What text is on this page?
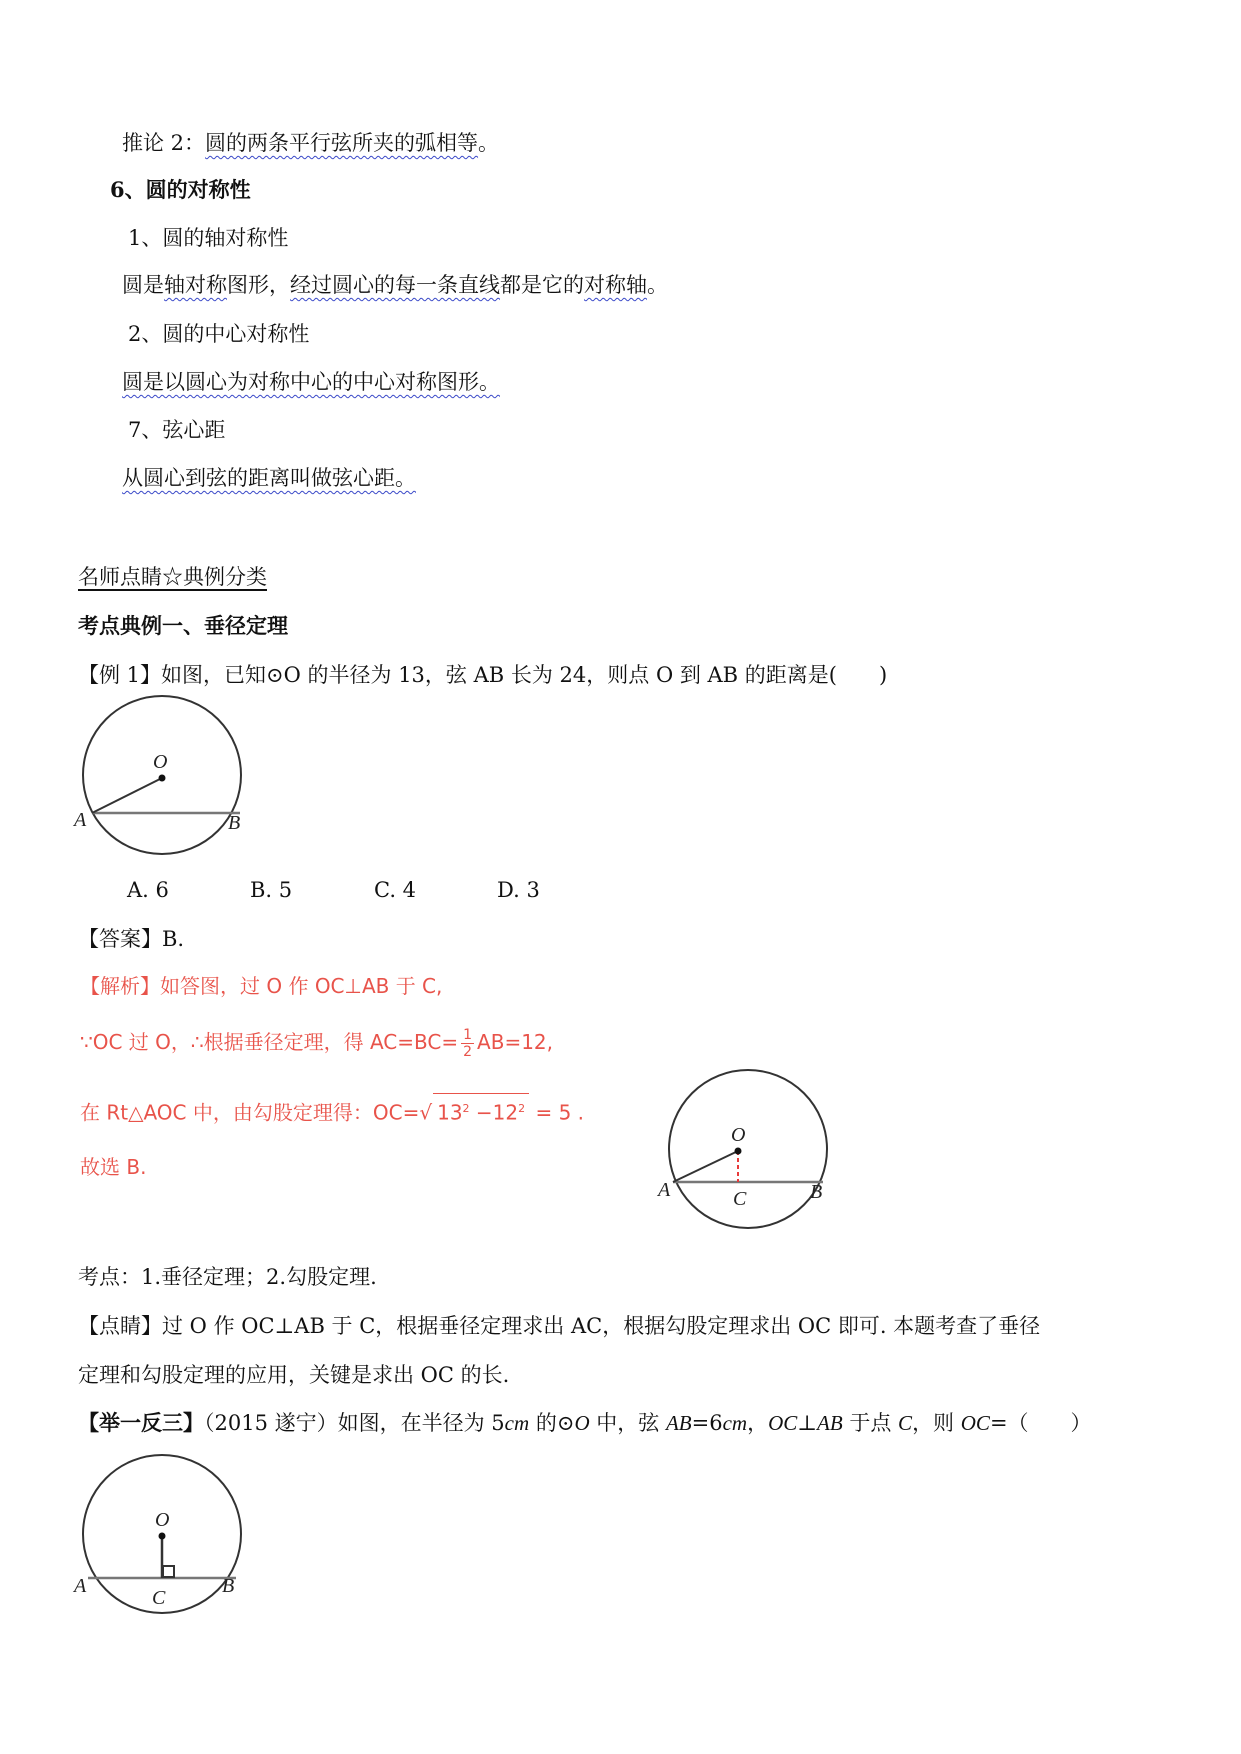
推论 2：圆的两条平行弦所夹的弧相等。
6、圆的对称性
1、圆的轴对称性
圆是轴对称图形，经过圆心的每一条直线都是它的对称轴。
2、圆的中心对称性
圆是以圆心为对称中心的中心对称图形。
7、弦心距
从圆心到弦的距离叫做弦心距。
名师点睛☆典例分类
考点典例一、垂径定理
【例 1】如图，已知⊙O 的半径为 13，弦 AB 长为 24，则点 O 到 AB 的距离是(　　)
O
A	B
A. 6	B. 5	C. 4	D. 3
【答案】B.
【解析】如答图，过 O 作 OC⊥AB 于 C,
∵OC 过 O，∴根据垂径定理，得 $AC=BC= \frac{1}{2} AB=12$,
在 Rt△AOC 中，由勾股定理得：OC=√ $13^2 -12^2 = 5$ .
故选 B.
O
A	B
C
考点：1.垂径定理；2.勾股定理.
【点睛】过 O 作 OC⊥AB 于 C，根据垂径定理求出 AC，根据勾股定理求出 OC 即可. 本题考查了垂径
定理和勾股定理的应用，关键是求出 OC 的长.
【举一反三】（2015 遂宁）如图，在半径为 5cm 的⊙O 中，弦 AB=6cm，OC⊥AB 于点 C，则 OC=（　　）
O
A	B
C
